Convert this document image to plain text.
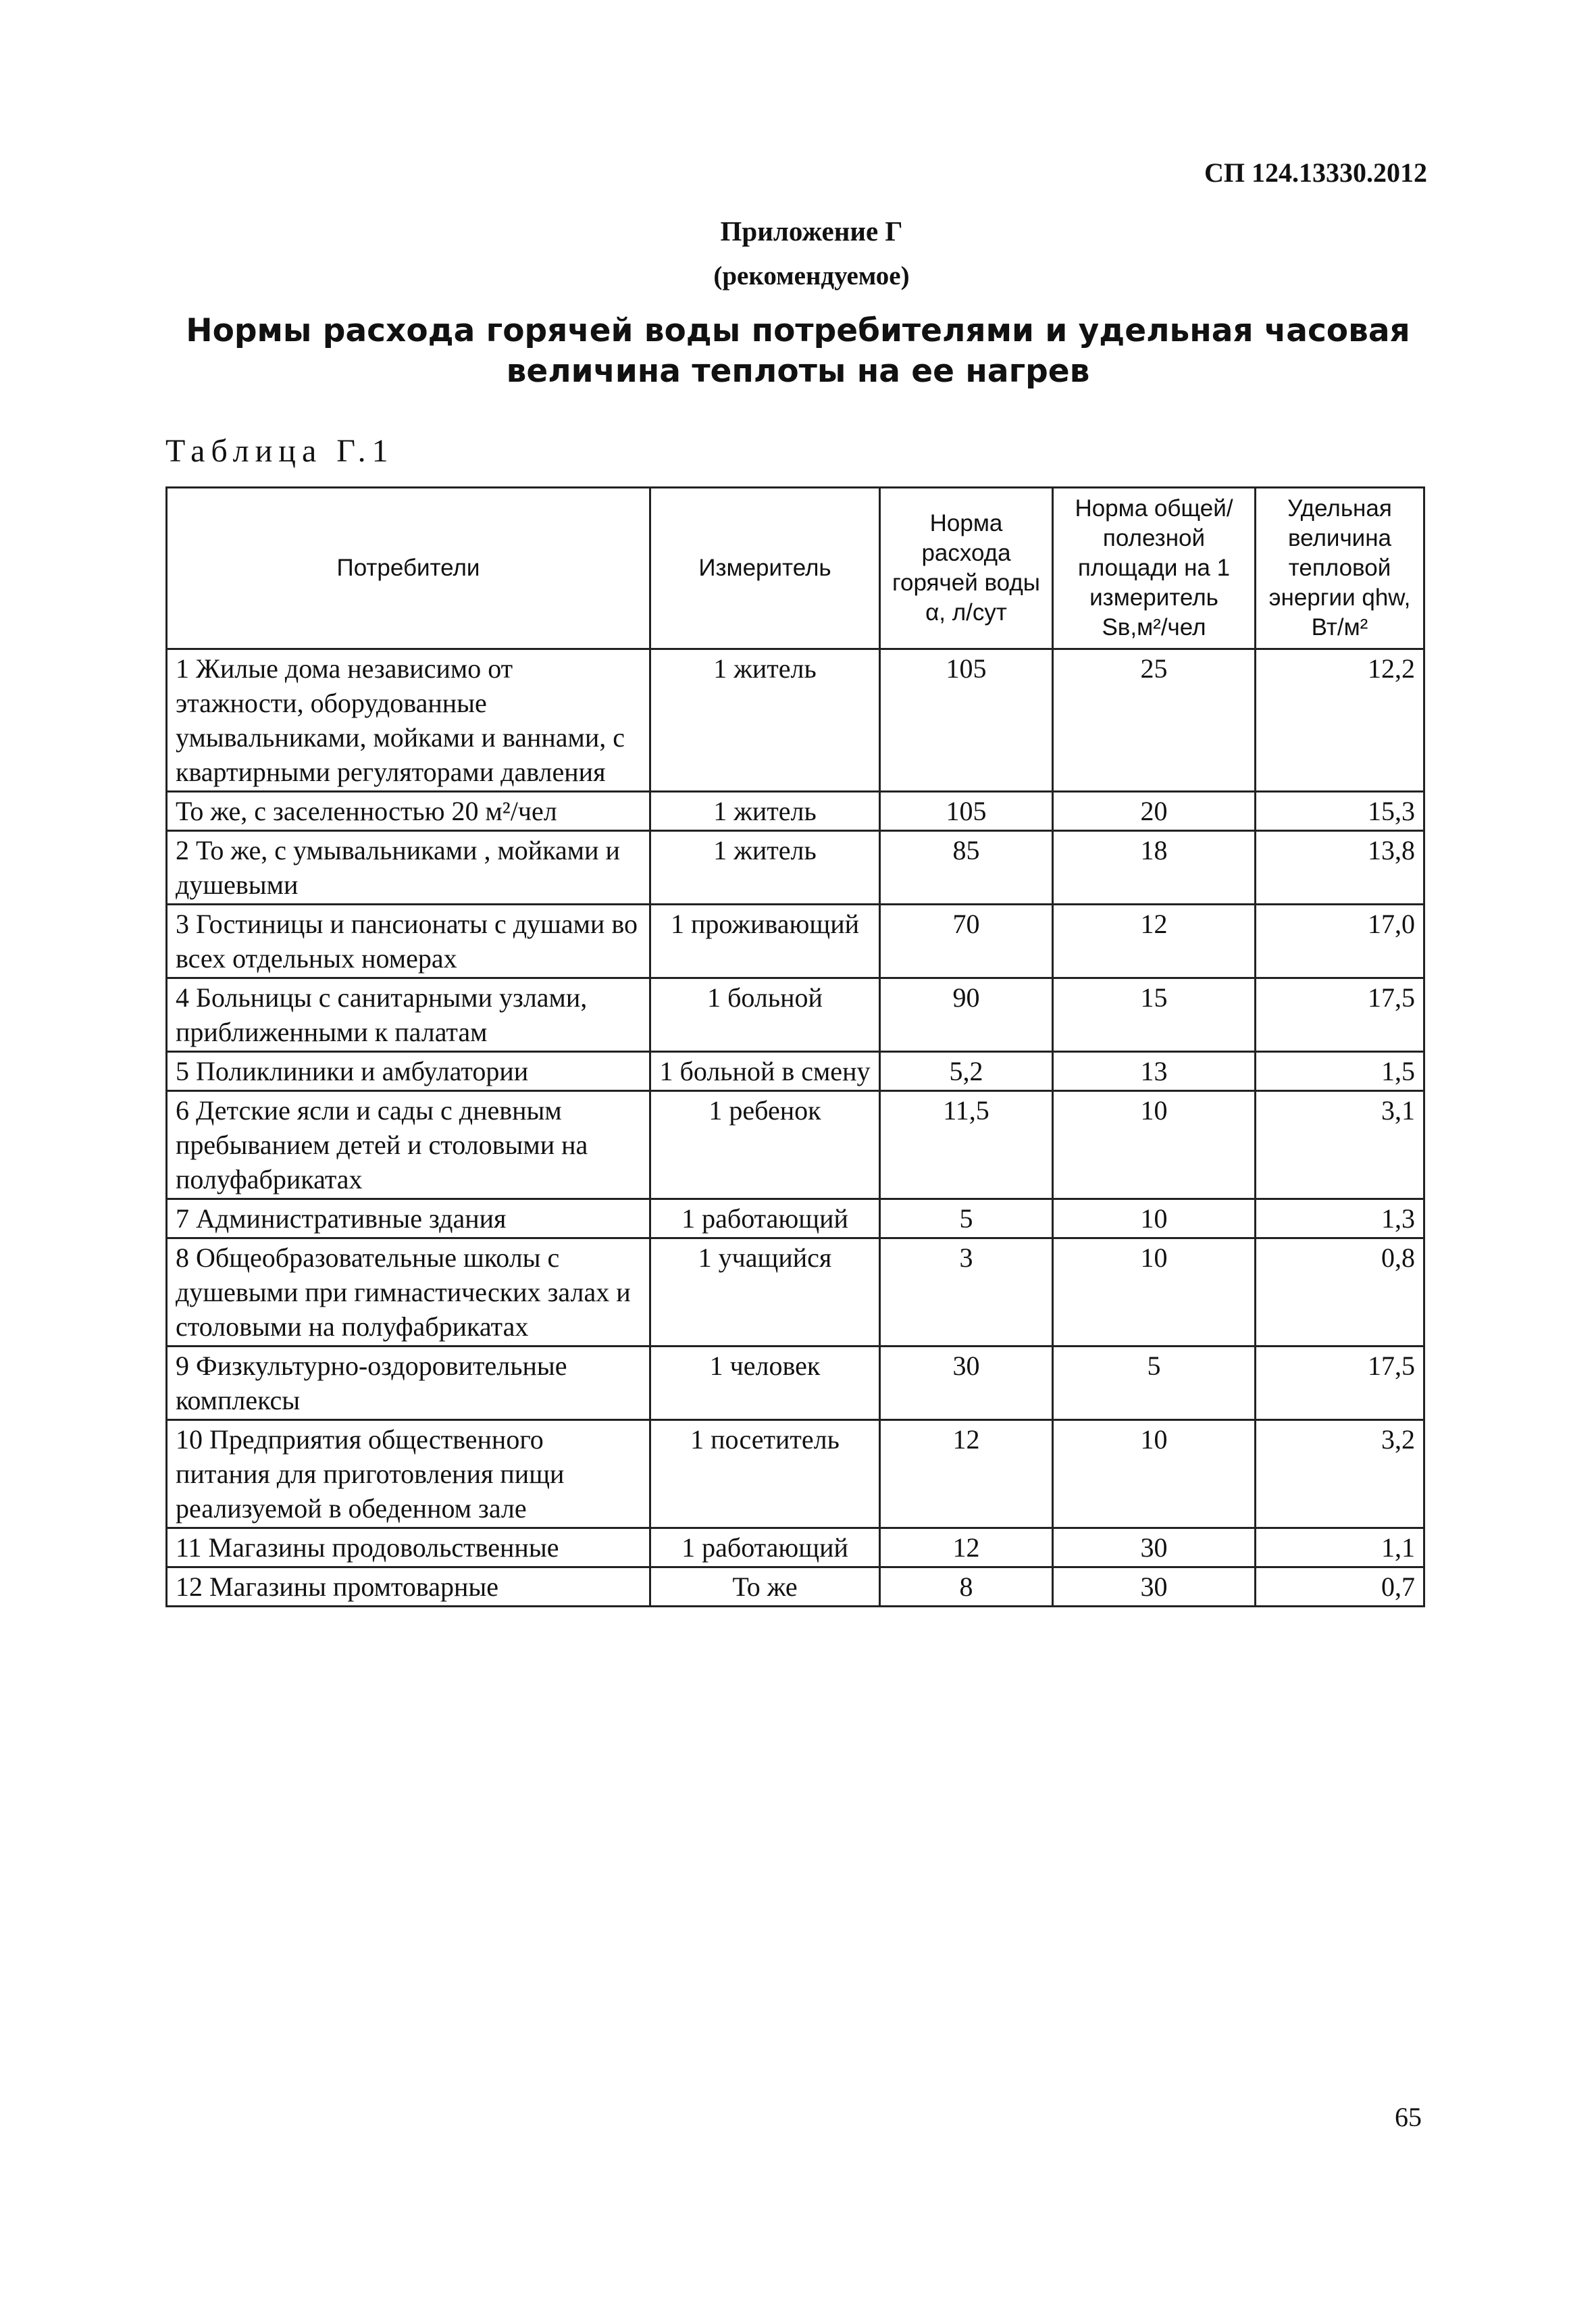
СП 124.13330.2012
Приложение Г
(рекомендуемое)
Нормы расхода горячей воды потребителями и удельная часовая величина теплоты на ее нагрев
Таблица Г.1
Потребители	Измеритель	Норма расхода горячей воды α, л/сут	Норма общей/полезной площади на 1 измеритель Sв,м²/чел	Удельная величина тепловой энергии qhw, Вт/м²
1 Жилые дома независимо от этажности, оборудованные умывальниками, мойками и ваннами, с квартирными регуляторами давления	1 житель	105	25	12,2
То же, с заселенностью 20 м²/чел	1 житель	105	20	15,3
2 То же, с умывальниками , мойками и душевыми	1 житель	85	18	13,8
3 Гостиницы и пансионаты с душами во всех отдельных номерах	1 проживающий	70	12	17,0
4 Больницы с санитарными узлами, приближенными к палатам	1 больной	90	15	17,5
5 Поликлиники и амбулатории	1 больной в смену	5,2	13	1,5
6 Детские ясли и сады с дневным пребыванием детей и столовыми на полуфабрикатах	1 ребенок	11,5	10	3,1
7 Административные здания	1 работающий	5	10	1,3
8 Общеобразовательные школы с душевыми при гимнастических залах и столовыми на полуфабрикатах	1 учащийся	3	10	0,8
9 Физкультурно-оздоровительные комплексы	1 человек	30	5	17,5
10 Предприятия общественного питания для приготовления пищи реализуемой в обеденном зале	1 посетитель	12	10	3,2
11 Магазины продовольственные	1 работающий	12	30	1,1
12 Магазины промтоварные	То же	8	30	0,7
65
